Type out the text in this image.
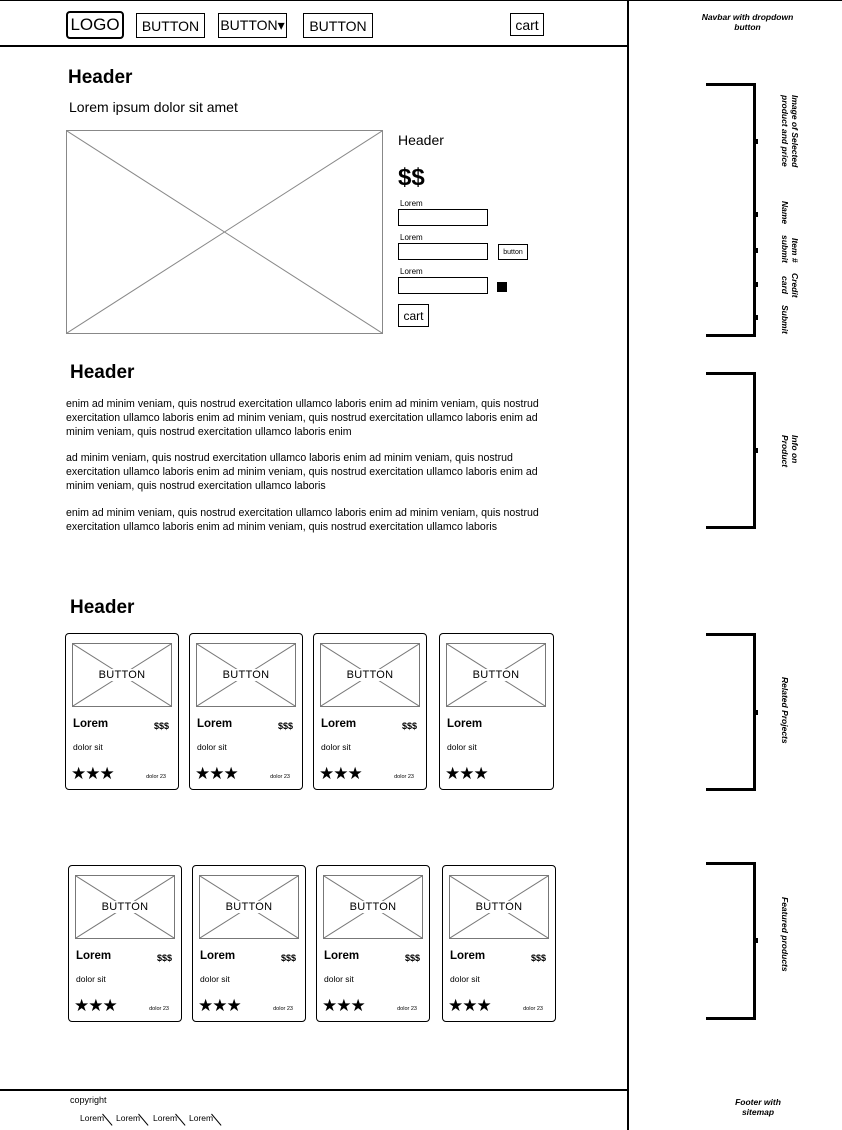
LOGO	BUTTON	BUTTON▾	BUTTON	cart
Header
Lorem ipsum dolor sit amet
Header
$$
Lorem
Lorem
button
Lorem
cart
Header
enim ad minim veniam, quis nostrud exercitation ullamco laboris enim ad minim veniam, quis nostrud exercitation ullamco laboris enim ad minim veniam, quis nostrud exercitation ullamco laboris enim ad minim veniam, quis nostrud exercitation ullamco laboris enim
ad minim veniam, quis nostrud exercitation ullamco laboris enim ad minim veniam, quis nostrud exercitation ullamco laboris enim ad minim veniam, quis nostrud exercitation ullamco laboris enim ad minim veniam, quis nostrud exercitation ullamco laboris
enim ad minim veniam, quis nostrud exercitation ullamco laboris enim ad minim veniam, quis nostrud exercitation ullamco laboris enim ad minim veniam, quis nostrud exercitation ullamco laboris
Header
BUTTON
Lorem	$$$
dolor sit
★★★	dolor 23
BUTTON
Lorem	$$$
dolor sit
★★★	dolor 23
BUTTON
Lorem	$$$
dolor sit
★★★	dolor 23
BUTTON
Lorem
dolor sit
★★★
BUTTON
Lorem	$$$
dolor sit
★★★	dolor 23
BUTTON
Lorem	$$$
dolor sit
★★★	dolor 23
BUTTON
Lorem	$$$
dolor sit
★★★	dolor 23
BUTTON
Lorem	$$$
dolor sit
★★★	dolor 23
copyright
Lorem Lorem Lorem Lorem
Navbar with dropdown button
Image of Selected product and price
Name
Item #
submit
Credit
card
Submit
Info on Product
Related Projects
Featured products
Footer with sitemap
